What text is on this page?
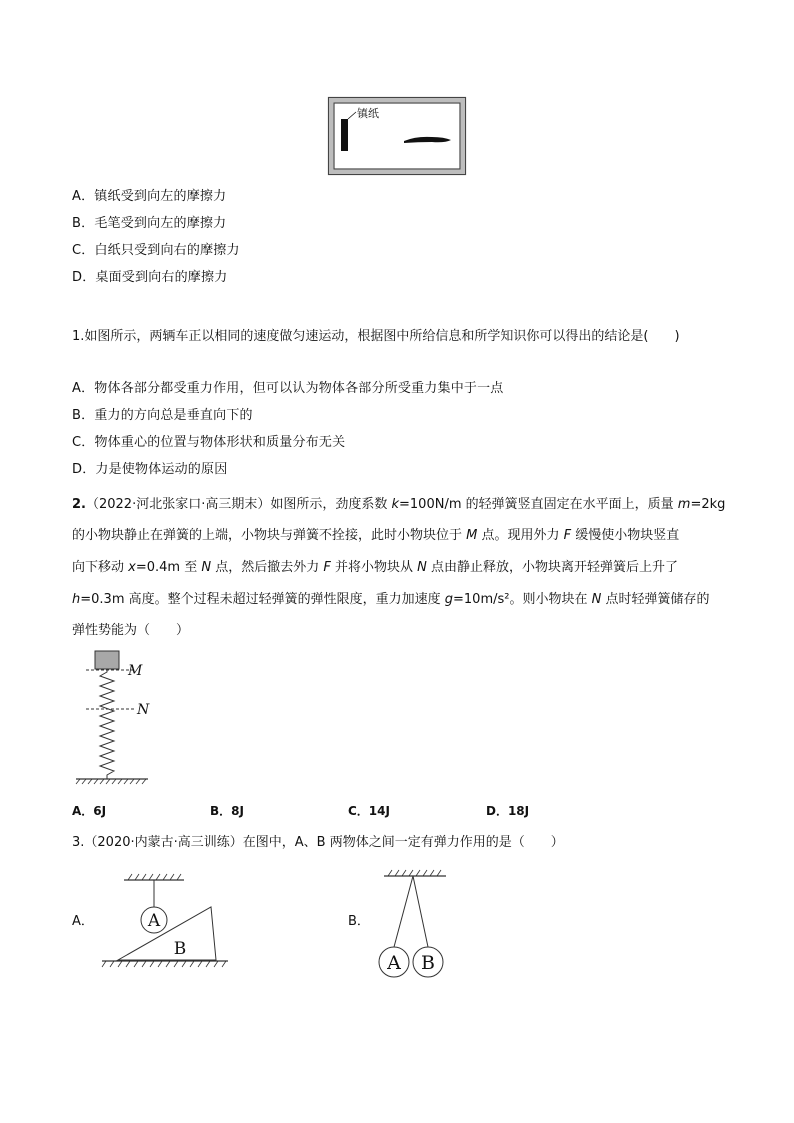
镇纸
A．镇纸受到向左的摩擦力
B．毛笔受到向左的摩擦力
C．白纸只受到向右的摩擦力
D．桌面受到向右的摩擦力
1.如图所示，两辆车正以相同的速度做匀速运动，根据图中所给信息和所学知识你可以得出的结论是(　　)
A．物体各部分都受重力作用，但可以认为物体各部分所受重力集中于一点
B．重力的方向总是垂直向下的
C．物体重心的位置与物体形状和质量分布无关
D．力是使物体运动的原因
2.（2022·河北张家口·高三期末）如图所示，劲度系数 k=100N/m 的轻弹簧竖直固定在水平面上，质量 m=2kg
的小物块静止在弹簧的上端，小物块与弹簧不拴接，此时小物块位于 M 点。现用外力 F 缓慢使小物块竖直
向下移动 x=0.4m 至 N 点，然后撤去外力 F 并将小物块从 N 点由静止释放，小物块离开轻弹簧后上升了
h=0.3m 高度。整个过程未超过轻弹簧的弹性限度，重力加速度 g=10m/s²。则小物块在 N 点时轻弹簧储存的
弹性势能为（　　）
M
N
A．6J	B．8J	C．14J	D．18J
3.（2020·内蒙古·高三训练）在图中，A、B 两物体之间一定有弹力作用的是（　　）
A．	B．
A
B
A B
